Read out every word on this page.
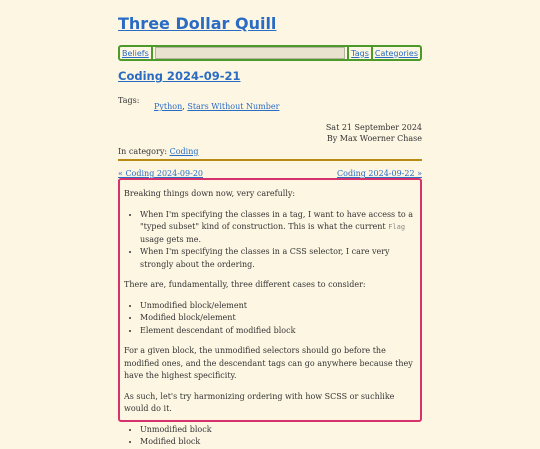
Three Dollar Quill
Beliefs	Tags Categories
Coding 2024-09-21
Tags:
Python, Stars Without Number
Sat 21 September 2024
By Max Woerner Chase
In category: Coding
« Coding 2024-09-20	Coding 2024-09-22 »

Breaking things down now, very carefully:

• When I'm specifying the classes in a tag, I want to have access to a "typed subset" kind of construction. This is what the current Flag usage gets me.
• When I'm specifying the classes in a CSS selector, I care very strongly about the ordering.

There are, fundamentally, three different cases to consider:

• Unmodified block/element
• Modified block/element
• Element descendant of modified block

For a given block, the unmodified selectors should go before the modified ones, and the descendant tags can go anywhere because they have the highest specificity.

As such, let's try harmonizing ordering with how SCSS or suchlike would do it.

• Unmodified block
• Modified block
